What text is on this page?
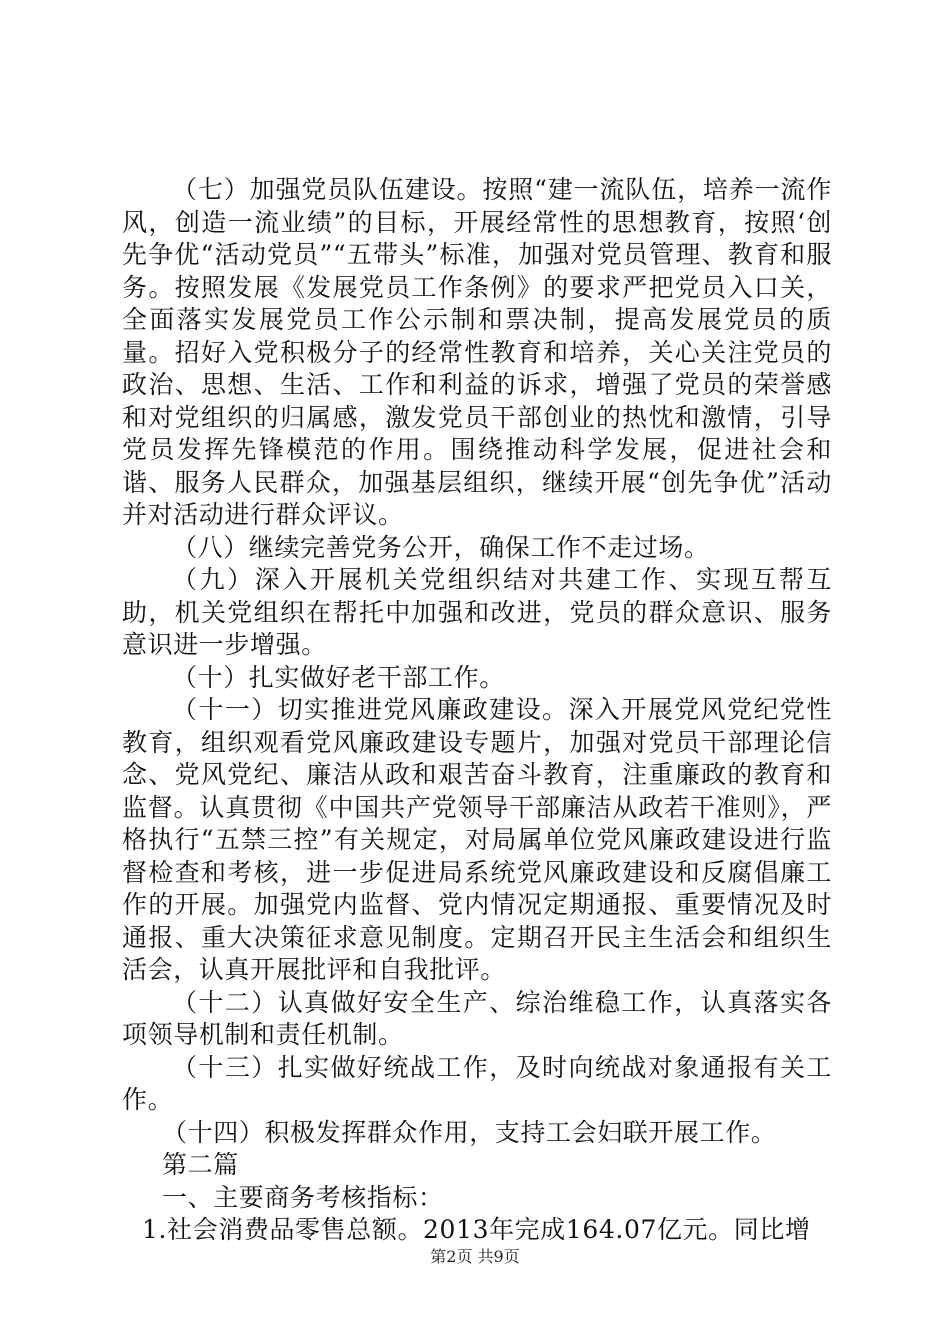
（七）加强党员队伍建设。按照“建一流队伍，培养一流作风，创造一流业绩”的目标，开展经常性的思想教育，按照‘创先争优“活动党员”“五带头”标准，加强对党员管理、教育和服务。按照发展《发展党员工作条例》的要求严把党员入口关，全面落实发展党员工作公示制和票决制，提高发展党员的质量。招好入党积极分子的经常性教育和培养，关心关注党员的政治、思想、生活、工作和利益的诉求，增强了党员的荣誉感和对党组织的归属感，激发党员干部创业的热忱和激情，引导党员发挥先锋模范的作用。围绕推动科学发展，促进社会和谐、服务人民群众，加强基层组织，继续开展“创先争优”活动并对活动进行群众评议。

（八）继续完善党务公开，确保工作不走过场。

（九）深入开展机关党组织结对共建工作、实现互帮互助，机关党组织在帮托中加强和改进，党员的群众意识、服务意识进一步增强。

（十）扎实做好老干部工作。

（十一）切实推进党风廉政建设。深入开展党风党纪党性教育，组织观看党风廉政建设专题片，加强对党员干部理论信念、党风党纪、廉洁从政和艰苦奋斗教育，注重廉政的教育和监督。认真贯彻《中国共产党领导干部廉洁从政若干准则》，严格执行“五禁三控”有关规定，对局属单位党风廉政建设进行监督检查和考核，进一步促进局系统党风廉政建设和反腐倡廉工作的开展。加强党内监督、党内情况定期通报、重要情况及时通报、重大决策征求意见制度。定期召开民主生活会和组织生活会，认真开展批评和自我批评。

（十二）认真做好安全生产、综治维稳工作，认真落实各项领导机制和责任机制。

（十三）扎实做好统战工作，及时向统战对象通报有关工作。

（十四）积极发挥群众作用，支持工会妇联开展工作。

第二篇

一、主要商务考核指标：

1.社会消费品零售总额。2013年完成164.07亿元。同比增

第2页 共9页
